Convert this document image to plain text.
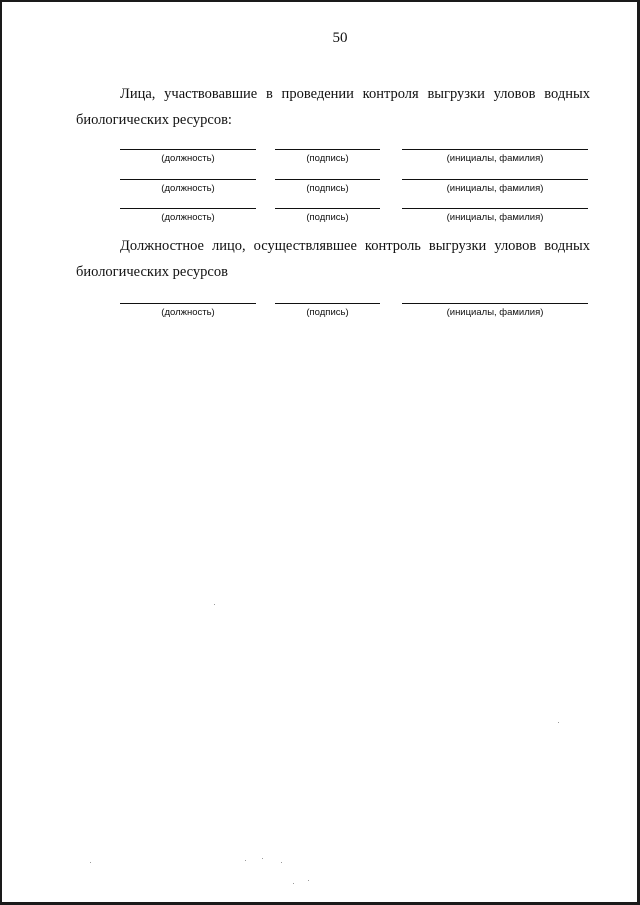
50
Лица, участвовавшие в проведении контроля выгрузки уловов водных
биологических ресурсов:
(должность)	(подпись)	(инициалы, фамилия)
(должность)	(подпись)	(инициалы, фамилия)
(должность)	(подпись)	(инициалы, фамилия)
Должностное лицо, осуществлявшее контроль выгрузки уловов водных
биологических ресурсов
(должность)	(подпись)	(инициалы, фамилия)
